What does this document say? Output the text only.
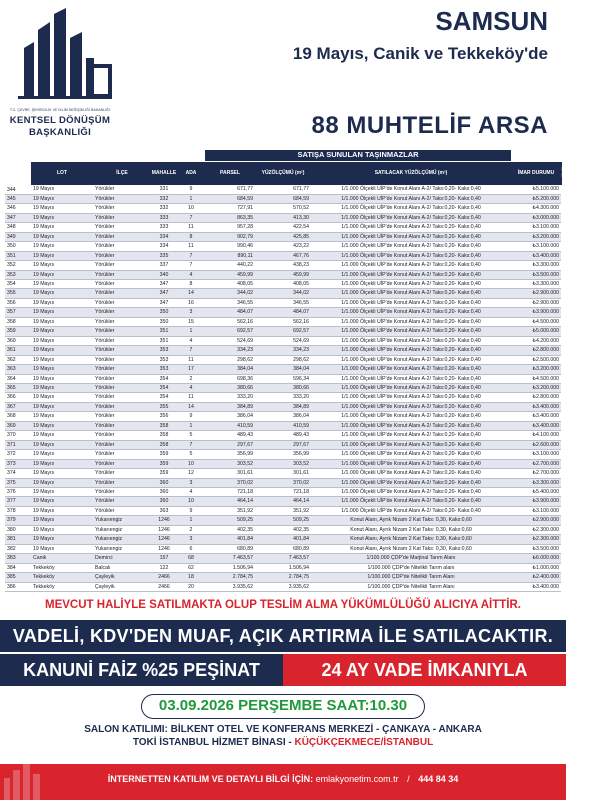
T.C. ÇEVRE, ŞEHİRCİLİK VE İKLİM DEĞİŞİKLİĞİ BAKANLIĞI
KENTSEL DÖNÜŞÜM
BAŞKANLIĞI
SAMSUN
19 Mayıs, Canik ve Tekkeköy'de
88 MUHTELİF ARSA
					SATIŞA SUNULAN TAŞINMAZLAR				
	LOT	İLÇE	MAHALLE	ADA	PARSEL	YÜZÖLÇÜMÜ (m²)	SATILACAK YÜZÖLÇÜMÜ (m²)	İMAR DURUMU	MUHAMMEN BEDEL
344	19 Mayıs	Yörükler	331	9	671,77	671,77	1/1.000 Ölçekli UİP'de Konut Alanı A-2/ Taks:0,20- Kaks:0,40	₺5.100.000	
345	19 Mayıs	Yörükler	332	1	684,59	684,59	1/1.000 Ölçekli UİP'de Konut Alanı A-2/ Taks:0,20- Kaks:0,40	₺5.200.000	
346	19 Mayıs	Yörükler	332	10	727,91	570,52	1/1.000 Ölçekli UİP'de Konut Alanı A-2/ Taks:0,20- Kaks:0,40	₺4.300.000	
347	19 Mayıs	Yörükler	333	7	863,35	413,30	1/1.000 Ölçekli UİP'de Konut Alanı A-2/ Taks:0,20- Kaks:0,40	₺3.000.000	
348	19 Mayıs	Yörükler	333	11	957,28	422,54	1/1.000 Ölçekli UİP'de Konut Alanı A-2/ Taks:0,20- Kaks:0,40	₺3.100.000	
349	19 Mayıs	Yörükler	334	8	902,79	425,85	1/1.000 Ölçekli UİP'de Konut Alanı A-2/ Taks:0,20- Kaks:0,40	₺3.200.000	
350	19 Mayıs	Yörükler	334	11	990,46	423,22	1/1.000 Ölçekli UİP'de Konut Alanı A-2/ Taks:0,20- Kaks:0,40	₺3.100.000	
351	19 Mayıs	Yörükler	335	7	890,11	467,76	1/1.000 Ölçekli UİP'de Konut Alanı A-2/ Taks:0,20- Kaks:0,40	₺3.400.000	
352	19 Mayıs	Yörükler	337	7	440,22	438,23	1/1.000 Ölçekli UİP'de Konut Alanı A-2/ Taks:0,20- Kaks:0,40	₺3.300.000	
353	19 Mayıs	Yörükler	340	4	459,99	459,99	1/1.000 Ölçekli UİP'de Konut Alanı A-2/ Taks:0,20- Kaks:0,40	₺3.500.000	
354	19 Mayıs	Yörükler	347	8	408,05	408,05	1/1.000 Ölçekli UİP'de Konut Alanı A-2/ Taks:0,20- Kaks:0,40	₺3.300.000	
355	19 Mayıs	Yörükler	347	14	344,02	344,02	1/1.000 Ölçekli UİP'de Konut Alanı A-2/ Taks:0,20- Kaks:0,40	₺2.900.000	
356	19 Mayıs	Yörükler	347	16	346,55	346,55	1/1.000 Ölçekli UİP'de Konut Alanı A-2/ Taks:0,20- Kaks:0,40	₺2.900.000	
357	19 Mayıs	Yörükler	350	3	484,07	484,07	1/1.000 Ölçekli UİP'de Konut Alanı A-2/ Taks:0,20- Kaks:0,40	₺3.900.000	
358	19 Mayıs	Yörükler	350	15	562,16	562,16	1/1.000 Ölçekli UİP'de Konut Alanı A-2/ Taks:0,20- Kaks:0,40	₺4.500.000	
359	19 Mayıs	Yörükler	351	1	692,57	692,57	1/1.000 Ölçekli UİP'de Konut Alanı A-2/ Taks:0,20- Kaks:0,40	₺5.000.000	
360	19 Mayıs	Yörükler	351	4	524,69	524,69	1/1.000 Ölçekli UİP'de Konut Alanı A-2/ Taks:0,20- Kaks:0,40	₺4.200.000	
361	19 Mayıs	Yörükler	353	7	334,23	334,23	1/1.000 Ölçekli UİP'de Konut Alanı A-2/ Taks:0,20- Kaks:0,40	₺2.800.000	
362	19 Mayıs	Yörükler	353	11	298,62	298,62	1/1.000 Ölçekli UİP'de Konut Alanı A-2/ Taks:0,20- Kaks:0,40	₺2.500.000	
363	19 Mayıs	Yörükler	353	17	384,04	384,04	1/1.000 Ölçekli UİP'de Konut Alanı A-2/ Taks:0,20- Kaks:0,40	₺3.200.000	
364	19 Mayıs	Yörükler	354	2	698,36	596,34	1/1.000 Ölçekli UİP'de Konut Alanı A-2/ Taks:0,20- Kaks:0,40	₺4.500.000	
365	19 Mayıs	Yörükler	354	4	380,66	380,66	1/1.000 Ölçekli UİP'de Konut Alanı A-2/ Taks:0,20- Kaks:0,40	₺3.200.000	
366	19 Mayıs	Yörükler	354	11	333,20	333,20	1/1.000 Ölçekli UİP'de Konut Alanı A-2/ Taks:0,20- Kaks:0,40	₺2.800.000	
367	19 Mayıs	Yörükler	355	14	384,89	384,89	1/1.000 Ölçekli UİP'de Konut Alanı A-2/ Taks:0,20- Kaks:0,40	₺3.400.000	
368	19 Mayıs	Yörükler	356	9	386,04	386,04	1/1.000 Ölçekli UİP'de Konut Alanı A-2/ Taks:0,20- Kaks:0,40	₺3.400.000	
369	19 Mayıs	Yörükler	358	1	410,59	410,59	1/1.000 Ölçekli UİP'de Konut Alanı A-2/ Taks:0,20- Kaks:0,40	₺3.400.000	
370	19 Mayıs	Yörükler	358	5	489,43	489,43	1/1.000 Ölçekli UİP'de Konut Alanı A-2/ Taks:0,20- Kaks:0,40	₺4.100.000	
371	19 Mayıs	Yörükler	358	7	297,67	297,67	1/1.000 Ölçekli UİP'de Konut Alanı A-2/ Taks:0,20- Kaks:0,40	₺2.600.000	
372	19 Mayıs	Yörükler	359	5	356,99	356,99	1/1.000 Ölçekli UİP'de Konut Alanı A-2/ Taks:0,20- Kaks:0,40	₺3.100.000	
373	19 Mayıs	Yörükler	359	10	303,52	303,52	1/1.000 Ölçekli UİP'de Konut Alanı A-2/ Taks:0,20- Kaks:0,40	₺2.700.000	
374	19 Mayıs	Yörükler	359	12	301,61	301,61	1/1.000 Ölçekli UİP'de Konut Alanı A-2/ Taks:0,20- Kaks:0,40	₺2.700.000	
375	19 Mayıs	Yörükler	360	3	370,02	370,02	1/1.000 Ölçekli UİP'de Konut Alanı A-2/ Taks:0,20- Kaks:0,40	₺3.300.000	
376	19 Mayıs	Yörükler	360	4	721,18	721,18	1/1.000 Ölçekli UİP'de Konut Alanı A-2/ Taks:0,20- Kaks:0,40	₺5.400.000	
377	19 Mayıs	Yörükler	360	10	464,14	464,14	1/1.000 Ölçekli UİP'de Konut Alanı A-2/ Taks:0,20- Kaks:0,40	₺3.900.000	
378	19 Mayıs	Yörükler	363	9	351,92	351,92	1/1.000 Ölçekli UİP'de Konut Alanı A-2/ Taks:0,20- Kaks:0,40	₺3.100.000	
379	19 Mayıs	Yukarıengiz	1246	1	509,25	509,25	Konut Alanı, Ayrık Nizam 2 Kat Taks: 0,30, Kaks:0,60	₺2.900.000	
380	19 Mayıs	Yukarıengiz	1246	2	402,35	402,35	Konut Alanı, Ayrık Nizam 2 Kat Taks: 0,30, Kaks:0,60	₺2.300.000	
381	19 Mayıs	Yukarıengiz	1246	3	401,84	401,84	Konut Alanı, Ayrık Nizam 2 Kat Taks: 0,30, Kaks:0,60	₺2.300.000	
382	19 Mayıs	Yukarıengiz	1246	6	680,89	680,89	Konut Alanı, Ayrık Nizam 2 Kat Taks: 0,30, Kaks:0,60	₺3.500.000	
383	Canik	Demirci	157	68	7.463,57	7.463,57	1/100.000 ÇDP'de Marjinal Tarım Alanı	₺6.000.000	
384	Tekkeköy	Balcalı	122	62	1.506,94	1.506,94	1/100.000 ÇDP'de Nitelikli Tarım alanı	₺1.000.000	
385	Tekkeköy	Çayleyik	2466	18	2.784,75	2.784,75	1/100.000 ÇDP'de Nitelikli Tarım Alanı	₺2.400.000	
386	Tekkeköy	Çayleyik	2466	20	3.935,62	3.935,62	1/100.000 ÇDP'de Nitelikli Tarım Alanı	₺3.400.000	
MEVCUT HALİYLE SATILMAKTA OLUP TESLİM ALMA YÜKÜMLÜLÜĞÜ ALICIYA AİTTİR.
VADELİ, KDV'DEN MUAF, AÇIK ARTIRMA İLE SATILACAKTIR.
KANUNİ FAİZ %25 PEŞİNAT	24 AY VADE İMKANIYLA
03.09.2026 PERŞEMBE SAAT:10.30
SALON KATILIMI: BİLKENT OTEL VE KONFERANS MERKEZİ - ÇANKAYA - ANKARA
TOKİ İSTANBUL HİZMET BİNASI - KÜÇÜKÇEKMECE/İSTANBUL
İNTERNETTEN KATILIM VE DETAYLI BİLGİ İÇİN: emlakyonetim.com.tr / 444 84 34
